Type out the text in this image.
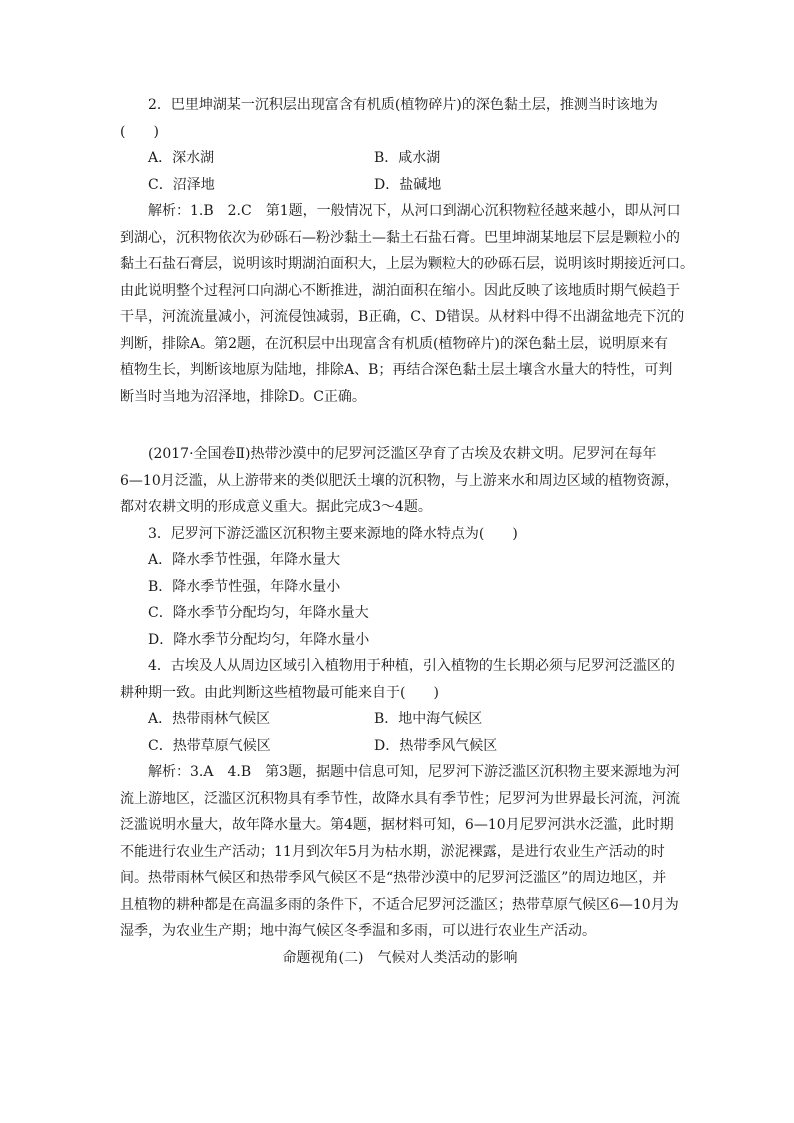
2．巴里坤湖某一沉积层出现富含有机质(植物碎片)的深色黏土层，推测当时该地为
(　　)
A．深水湖	B．咸水湖
C．沼泽地	D．盐碱地
解析：1.B　2.C　第1题，一般情况下，从河口到湖心沉积物粒径越来越小，即从河口
到湖心，沉积物依次为砂砾石—粉沙黏土—黏土石盐石膏。巴里坤湖某地层下层是颗粒小的
黏土石盐石膏层，说明该时期湖泊面积大，上层为颗粒大的砂砾石层，说明该时期接近河口。
由此说明整个过程河口向湖心不断推进，湖泊面积在缩小。因此反映了该地质时期气候趋于
干旱，河流流量减小，河流侵蚀减弱，B正确，C、D错误。从材料中得不出湖盆地壳下沉的
判断，排除A。第2题，在沉积层中出现富含有机质(植物碎片)的深色黏土层，说明原来有
植物生长，判断该地原为陆地，排除A、B；再结合深色黏土层土壤含水量大的特性，可判
断当时当地为沼泽地，排除D。C正确。
(2017·全国卷Ⅱ)热带沙漠中的尼罗河泛滥区孕育了古埃及农耕文明。尼罗河在每年
6—10月泛滥，从上游带来的类似肥沃土壤的沉积物，与上游来水和周边区域的植物资源，
都对农耕文明的形成意义重大。据此完成3～4题。
3．尼罗河下游泛滥区沉积物主要来源地的降水特点为(　　)
A．降水季节性强，年降水量大
B．降水季节性强，年降水量小
C．降水季节分配均匀，年降水量大
D．降水季节分配均匀，年降水量小
4．古埃及人从周边区域引入植物用于种植，引入植物的生长期必须与尼罗河泛滥区的
耕种期一致。由此判断这些植物最可能来自于(　　)
A．热带雨林气候区	B．地中海气候区
C．热带草原气候区	D．热带季风气候区
解析：3.A　4.B　第3题，据题中信息可知，尼罗河下游泛滥区沉积物主要来源地为河
流上游地区，泛滥区沉积物具有季节性，故降水具有季节性；尼罗河为世界最长河流，河流
泛滥说明水量大，故年降水量大。第4题，据材料可知，6—10月尼罗河洪水泛滥，此时期
不能进行农业生产活动；11月到次年5月为枯水期，淤泥裸露，是进行农业生产活动的时
间。热带雨林气候区和热带季风气候区不是“热带沙漠中的尼罗河泛滥区”的周边地区，并
且植物的耕种都是在高温多雨的条件下，不适合尼罗河泛滥区；热带草原气候区6—10月为
湿季，为农业生产期；地中海气候区冬季温和多雨，可以进行农业生产活动。
命题视角(二)　气候对人类活动的影响
